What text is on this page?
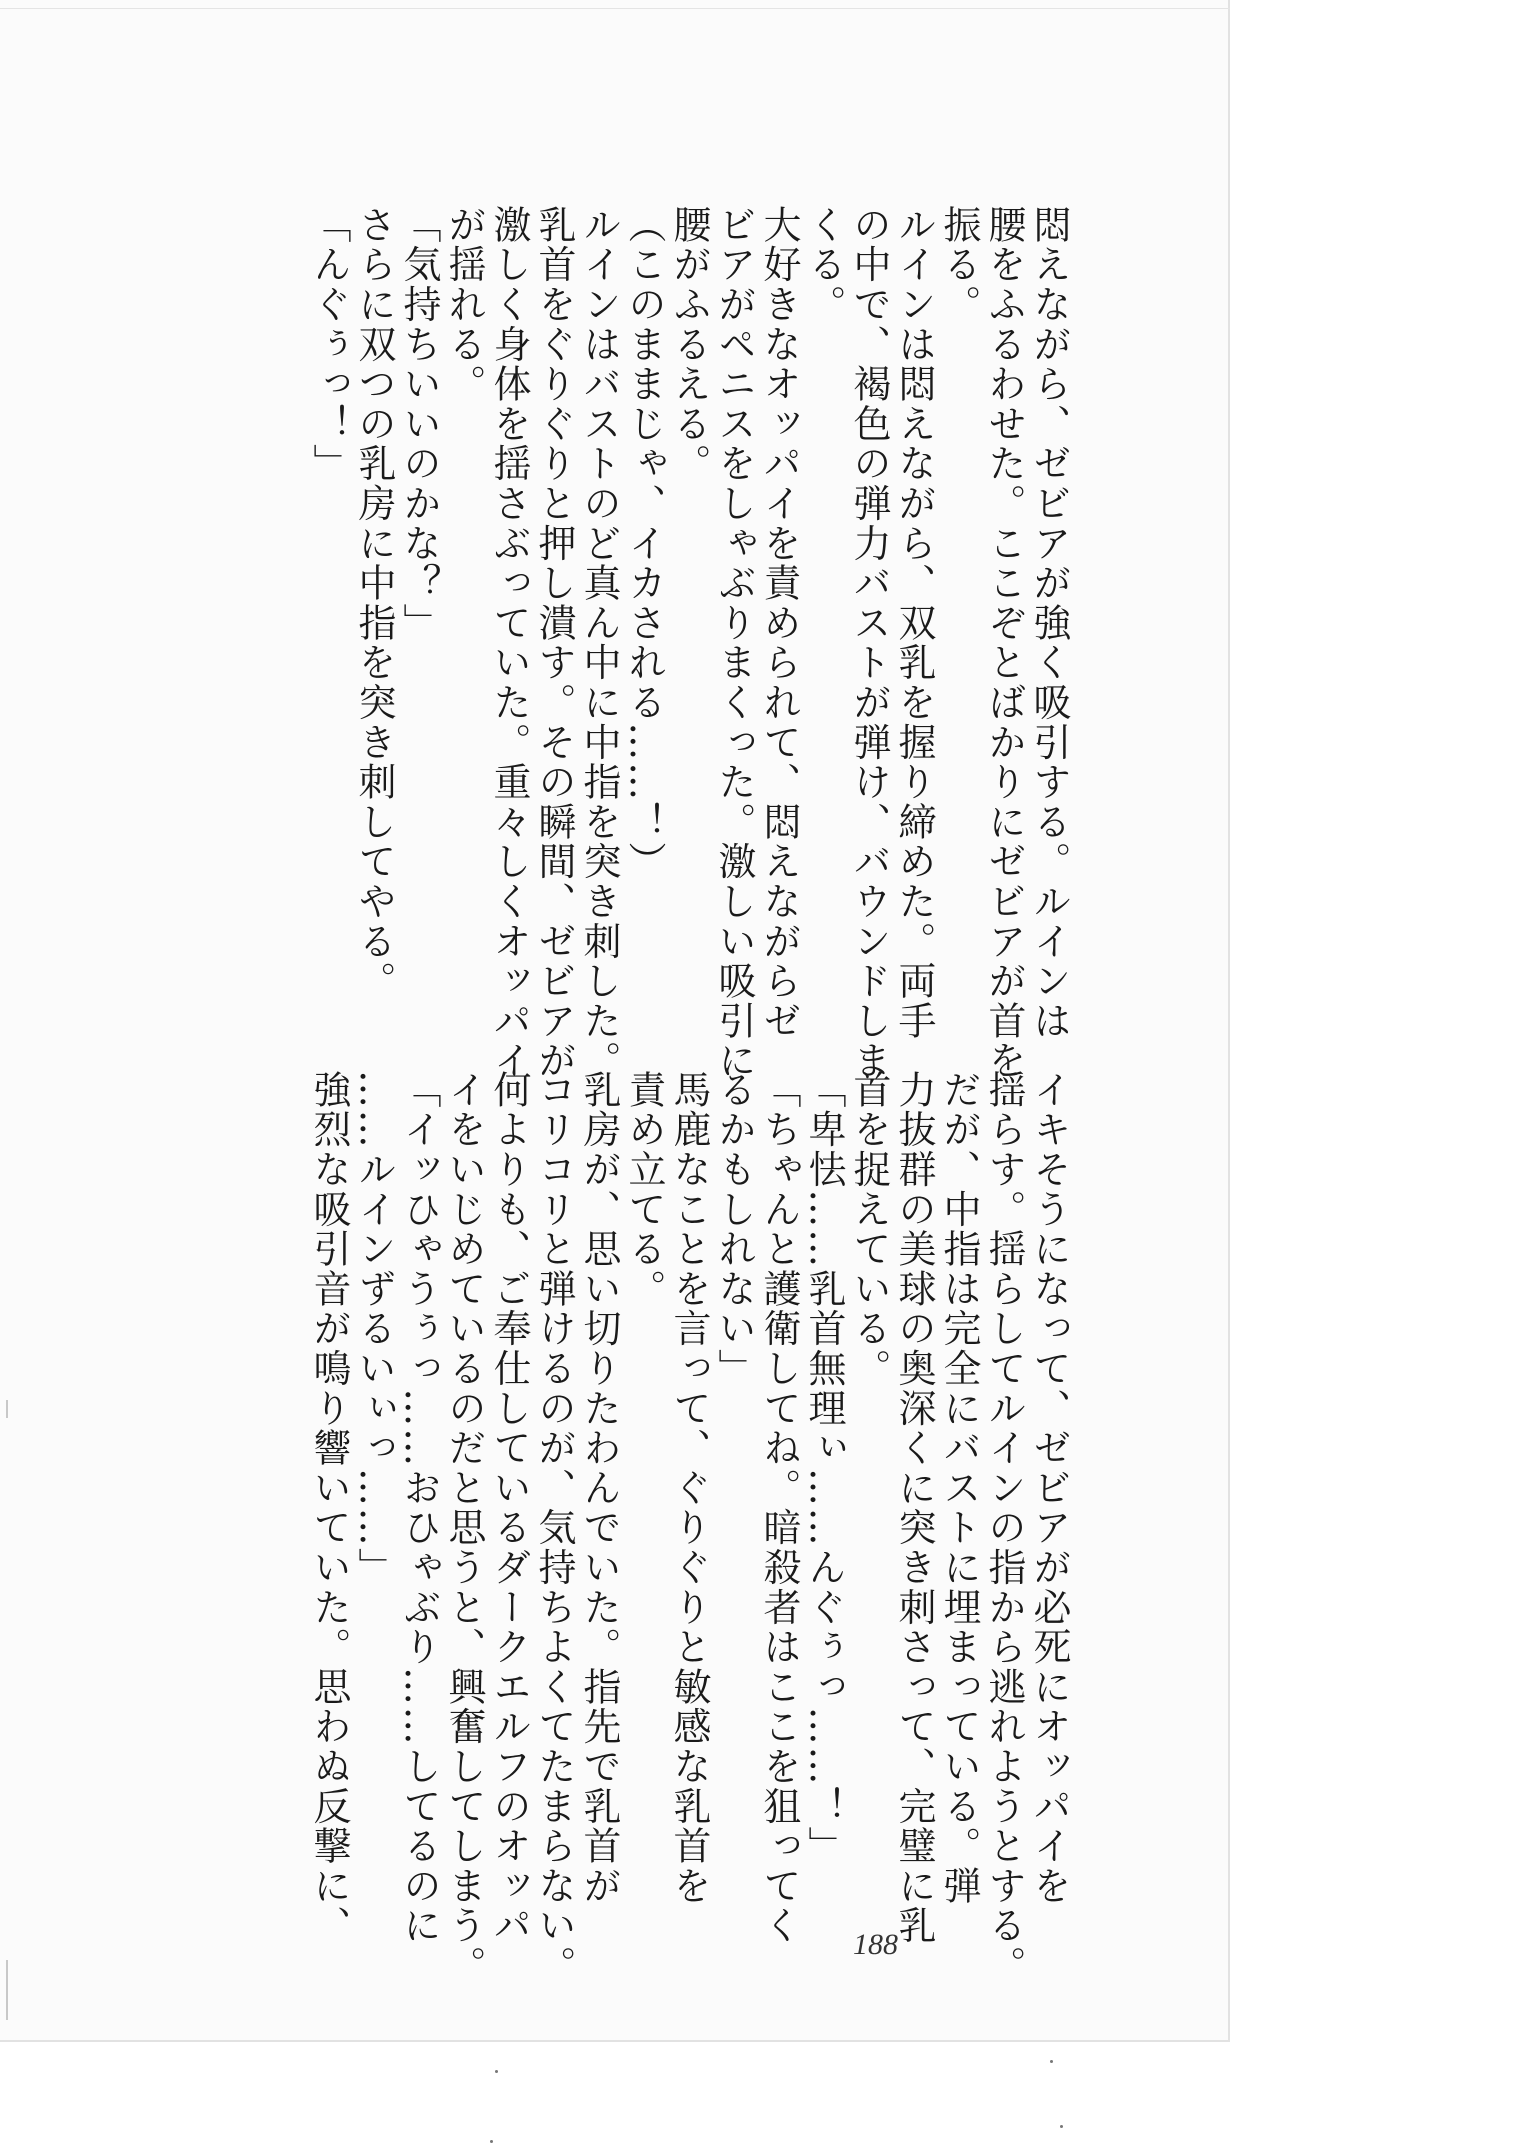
悶えながら、ゼビアが強く吸引する。ルインは
腰をふるわせた。ここぞとばかりにゼビアが首を
振る。
ルインは悶えながら、双乳を握り締めた。両手
の中で、褐色の弾力バストが弾け、バウンドしま
くる。
大好きなオッパイを責められて、悶えながらゼ
ビアがペニスをしゃぶりまくった。激しい吸引に
腰がふるえる。
（このままじゃ、イカされる……！）
ルインはバストのど真ん中に中指を突き刺した。
乳首をぐりぐりと押し潰す。その瞬間、ゼビアが
激しく身体を揺さぶっていた。重々しくオッパイ
が揺れる。
「気持ちいいのかな？」
さらに双つの乳房に中指を突き刺してやる。
「んぐぅっ！」
イキそうになって、ゼビアが必死にオッパイを
揺らす。揺らしてルインの指から逃れようとする。
だが、中指は完全にバストに埋まっている。弾
力抜群の美球の奥深くに突き刺さって、完璧に乳
首を捉えている。
「卑怯……乳首無理ぃ……んぐぅっ……！」
「ちゃんと護衛してね。暗殺者はここを狙ってく
るかもしれない」
馬鹿なことを言って、ぐりぐりと敏感な乳首を
責め立てる。
乳房が、思い切りたわんでいた。指先で乳首が
コリコリと弾けるのが、気持ちよくてたまらない。
何よりも、ご奉仕しているダークエルフのオッパ
イをいじめているのだと思うと、興奮してしまう。
「イッひゃうぅっ……おひゃぶり……してるのに
……ルインずるいぃっ……」
強烈な吸引音が鳴り響いていた。思わぬ反撃に、	188
